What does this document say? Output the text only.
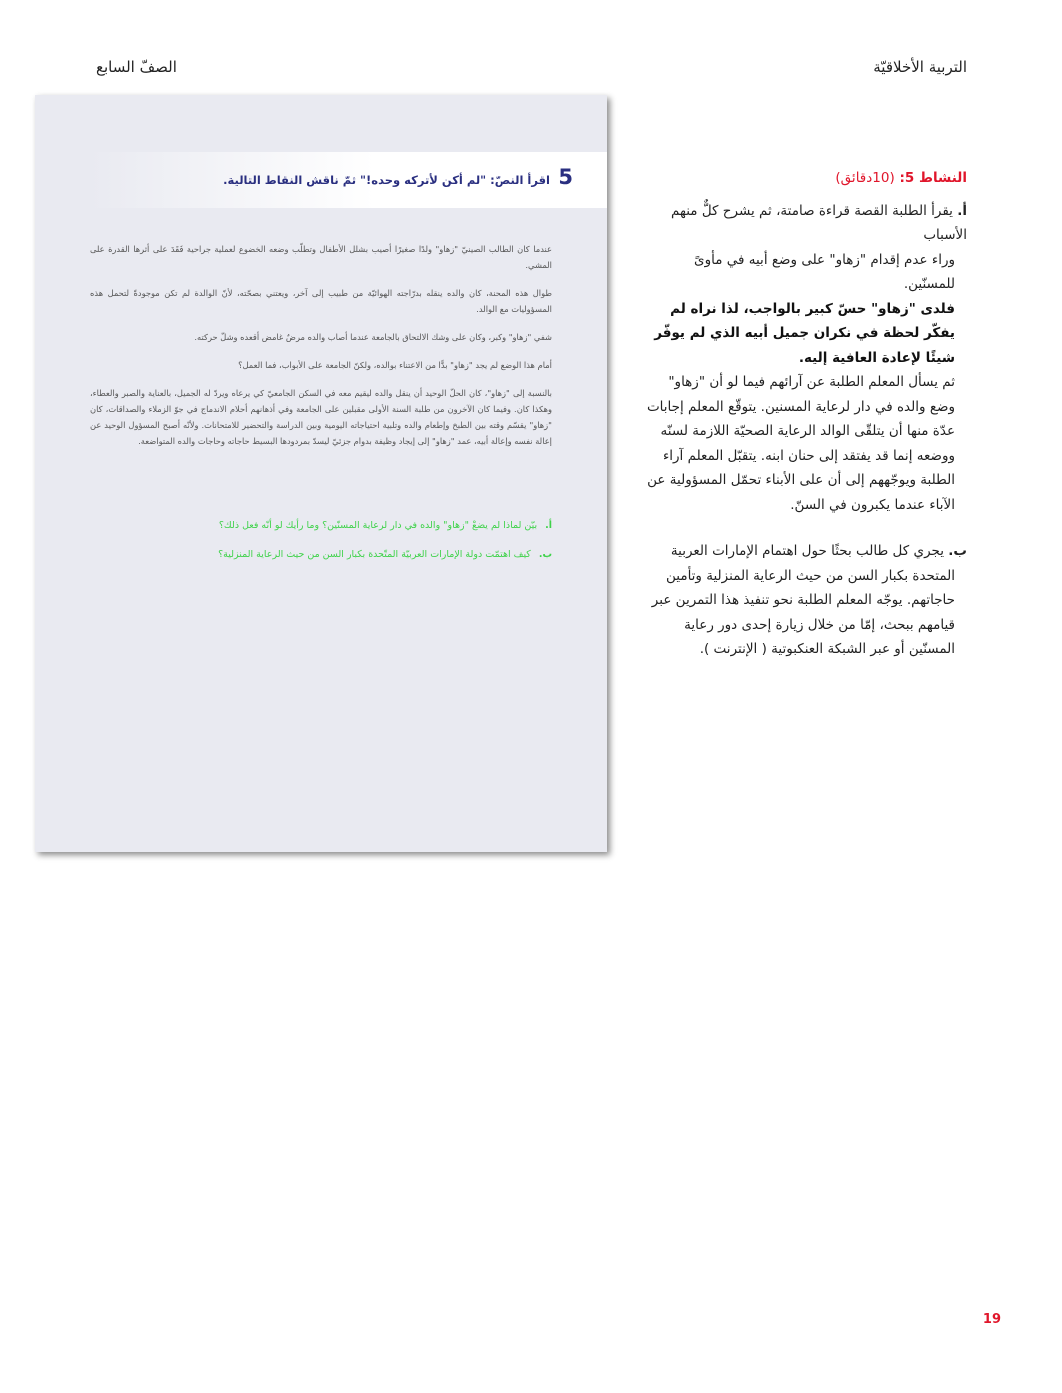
التربية الأخلاقيّة
الصفّ السابع
النشاط 5: (10دقائق)

أ. يقرأ الطلبة القصة قراءة صامتة، ثم يشرح كلٌّ منهم الأسباب

وراء عدم إقدام "زهاو" على وضع أبيه في مأوىً للمسنّين.
فلدى "زهاو" حسّ كبير بالواجب، لذا نراه لم يفكّر لحظة في نكران جميل أبيه الذي لم يوفّر شيئًا لإعادة العافية إليه.
ثم يسأل المعلم الطلبة عن آرائهم فيما لو أن "زهاو" وضع والده في دار لرعاية المسنين. يتوقّع المعلم إجابات عدّة منها أن يتلقّى الوالد الرعاية الصحيّة اللازمة لسنّه ووضعه إنما قد يفتقد إلى حنان ابنه. يتقبّل المعلم آراء الطلبة ويوجّههم إلى أن على الأبناء تحمّل المسؤولية عن الآباء عندما يكبرون في السنّ.

ب. يجري كل طالب بحثًا حول اهتمام الإمارات العربية

المتحدة بكبار السن من حيث الرعاية المنزلية وتأمين حاجاتهم. يوجّه المعلم الطلبة نحو تنفيذ هذا التمرين عبر قيامهم ببحث، إمّا من خلال زيارة إحدى دور رعاية المسنّين أو عبر الشبكة العنكبوتية ( الإنترنت ).
5
اقرأ النصّ: "لم أكن لأتركه وحده!" ثمّ ناقش النقاط التالية.

عندما كان الطالب الصينيّ "زهاو" ولدًا صغيرًا أصيب بشلل الأطفال وتطلّب وضعه الخضوع لعملية جراحية فَقَدَ على أثرها القدرة على المشي.

طوال هذه المحنة، كان والده ينقله بدرّاجته الهوائيّة من طبيب إلى آخر، ويعتني بصحّته، لأنّ الوالدة لم تكن موجودةً لتحمل هذه المسؤوليات مع الوالد.

شفي "زهاو" وكبر، وكان على وشك الالتحاق بالجامعة عندما أصاب والده مرضٌ غامض أقعده وشلّ حركته.

أمام هذا الوضع لم يجد "زهاو" بدًّا من الاعتناء بوالده، ولكنّ الجامعة على الأبواب، فما العمل؟

بالنسبة إلى "زهاو"، كان الحلّ الوحيد أن ينقل والده ليقيم معه في السكن الجامعيّ كي يرعاه ويردّ له الجميل، بالعناية والصبر والعطاء، وهكذا كان. وفيما كان الآخرون من طلبة السنة الأولى مقبلين على الجامعة وفي أذهانهم أحلام الاندماج في جوّ الزملاء والصداقات، كان "زهاو" يقسّم وقته بين الطبخ وإطعام والده وتلبية احتياجاته اليومية وبين الدراسة والتحضير للامتحانات. ولأنّه أصبح المسؤول الوحيد عن إعالة نفسه وإعالة أبيه، عمد "زهاو" إلى إيجاد وظيفة بدوام جزئيّ ليسدّ بمردودها البسيط حاجاته وحاجات والده المتواضعة.

أ.بيّن لماذا لم يضعْ "زهاو" والده في دار لرعاية المسنّين؟ وما رأيك لو أنّه فعل ذلك؟
ب.كيف اهتمّت دولة الإمارات العربيّة المتّحدة بكبار السن من حيث الرعاية المنزلية؟
19
